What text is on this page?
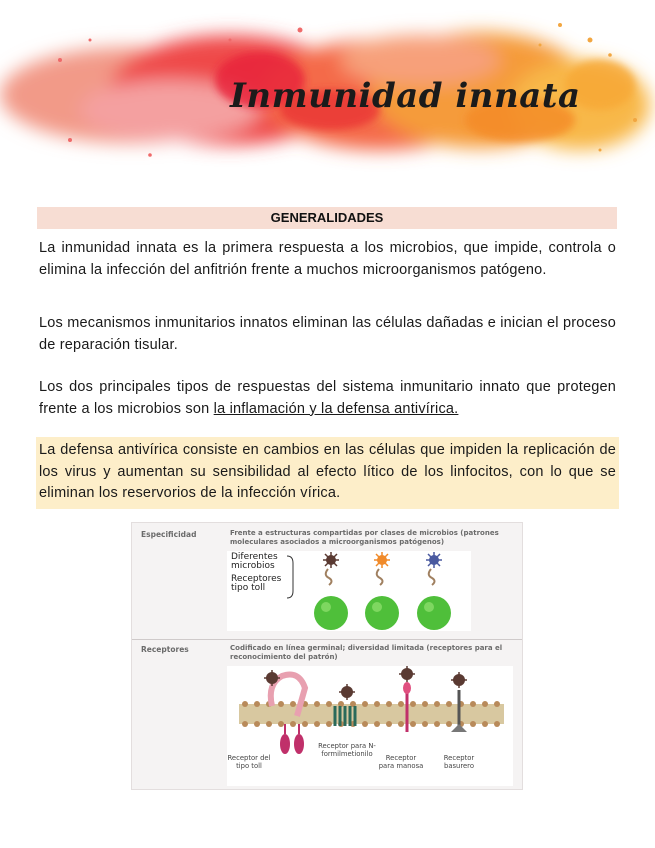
Inmunidad innata
GENERALIDADES
La inmunidad innata es la primera respuesta a los microbios, que impide, controla o elimina la infección del anfitrión frente a muchos microorganismos patógeno.
Los mecanismos inmunitarios innatos eliminan las células dañadas e inician el proceso de reparación tisular.
Los dos principales tipos de respuestas del sistema inmunitario innato que protegen frente a los microbios son la inflamación y la defensa antivírica.
La defensa antivírica consiste en cambios en las células que impiden la replicación de los virus y aumentan su sensibilidad al efecto lítico de los linfocitos, con lo que se eliminan los reservorios de la infección vírica.
Especificidad	Frente a estructuras compartidas por clases de microbios (patrones moleculares asociados a microorganismos patógenos)
Diferentes microbios
Receptores tipo toll
Receptores	Codificado en línea germinal; diversidad limitada (receptores para el reconocimiento del patrón)
Receptor del tipo toll
Receptor para N-formilmetionilo	Receptor para manosa
Receptor basurero
